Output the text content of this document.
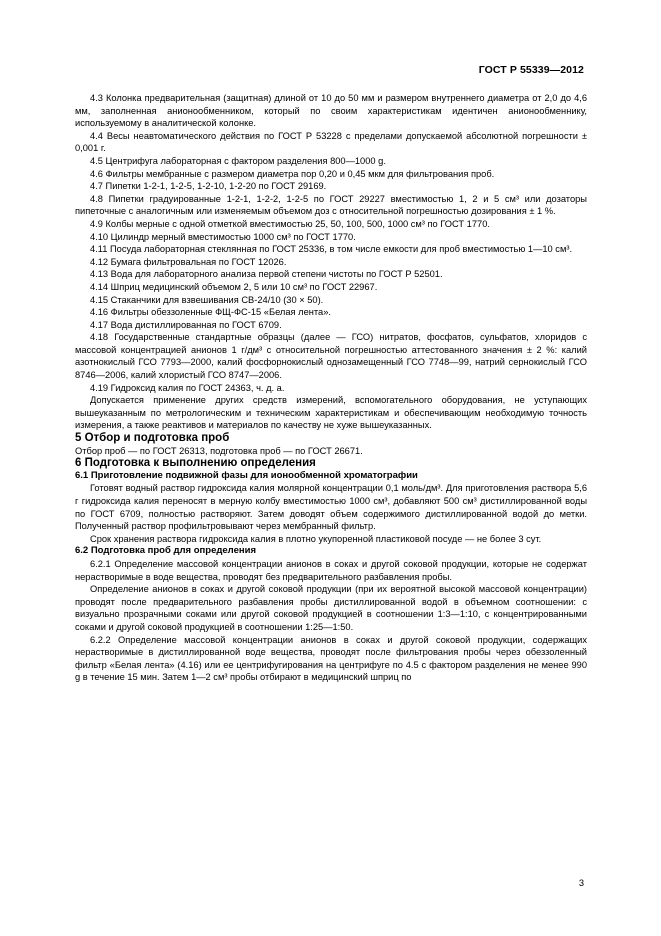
ГОСТ Р 55339—2012

4.3 Колонка предварительная (защитная) длиной от 10 до 50 мм и размером внутреннего диаметра от 2,0 до 4,6 мм, заполненная анионообменником, который по своим характеристикам идентичен анионообменнику, используемому в аналитической колонке.

4.4 Весы неавтоматического действия по ГОСТ Р 53228 с пределами допускаемой абсолютной погрешности ± 0,001 г.

4.5 Центрифуга лабораторная с фактором разделения 800—1000 g.

4.6 Фильтры мембранные с размером диаметра пор 0,20 и 0,45 мкм для фильтрования проб.

4.7 Пипетки 1-2-1, 1-2-5, 1-2-10, 1-2-20 по ГОСТ 29169.

4.8 Пипетки градуированные 1-2-1, 1-2-2, 1-2-5 по ГОСТ 29227 вместимостью 1, 2 и 5 см³ или дозаторы пипеточные с аналогичным или изменяемым объемом доз с относительной погрешностью дозирования ± 1 %.

4.9 Колбы мерные с одной отметкой вместимостью 25, 50, 100, 500, 1000 см³ по ГОСТ 1770.

4.10 Цилиндр мерный вместимостью 1000 см³ по ГОСТ 1770.

4.11 Посуда лабораторная стеклянная по ГОСТ 25336, в том числе емкости для проб вместимостью 1—10 см³.

4.12 Бумага фильтровальная по ГОСТ 12026.

4.13 Вода для лабораторного анализа первой степени чистоты по ГОСТ Р 52501.

4.14 Шприц медицинский объемом 2, 5 или 10 см³ по ГОСТ 22967.

4.15 Стаканчики для взвешивания СВ-24/10 (30 × 50).

4.16 Фильтры обеззоленные ФЩ-ФС-15 «Белая лента».

4.17 Вода дистиллированная по ГОСТ 6709.

4.18 Государственные стандартные образцы (далее — ГСО) нитратов, фосфатов, сульфатов, хлоридов с массовой концентрацией анионов 1 г/дм³ с относительной погрешностью аттестованного значения ± 2 %: калий азотнокислый ГСО 7793—2000, калий фосфорнокислый однозамещенный ГСО 7748—99, натрий сернокислый ГСО 8746—2006, калий хлористый ГСО 8747—2006.

4.19 Гидроксид калия по ГОСТ 24363, ч. д. а.

Допускается применение других средств измерений, вспомогательного оборудования, не уступающих вышеуказанным по метрологическим и техническим характеристикам и обеспечивающим необходимую точность измерения, а также реактивов и материалов по качеству не хуже вышеуказанных.

5 Отбор и подготовка проб

Отбор проб — по ГОСТ 26313, подготовка проб — по ГОСТ 26671.

6 Подготовка к выполнению определения

6.1 Приготовление подвижной фазы для ионообменной хроматографии

Готовят водный раствор гидроксида калия молярной концентрации 0,1 моль/дм³. Для приготовления раствора 5,6 г гидроксида калия переносят в мерную колбу вместимостью 1000 см³, добавляют 500 см³ дистиллированной воды по ГОСТ 6709, полностью растворяют. Затем доводят объем содержимого дистиллированной водой до метки. Полученный раствор профильтровывают через мембранный фильтр.

Срок хранения раствора гидроксида калия в плотно укупоренной пластиковой посуде — не более 3 сут.

6.2 Подготовка проб для определения

6.2.1 Определение массовой концентрации анионов в соках и другой соковой продукции, которые не содержат нерастворимые в воде вещества, проводят без предварительного разбавления пробы.

Определение анионов в соках и другой соковой продукции (при их вероятной высокой массовой концентрации) проводят после предварительного разбавления пробы дистиллированной водой в объемном соотношении: с визуально прозрачными соками или другой соковой продукцией в соотношении 1:3—1:10, с концентрированными соками и другой соковой продукцией в соотношении 1:25—1:50.

6.2.2 Определение массовой концентрации анионов в соках и другой соковой продукции, содержащих нерастворимые в дистиллированной воде вещества, проводят после фильтрования пробы через обеззоленный фильтр «Белая лента» (4.16) или ее центрифугирования на центрифуге по 4.5 с фактором разделения не менее 990 g в течение 15 мин. Затем 1—2 см³ пробы отбирают в медицинский шприц по

3
